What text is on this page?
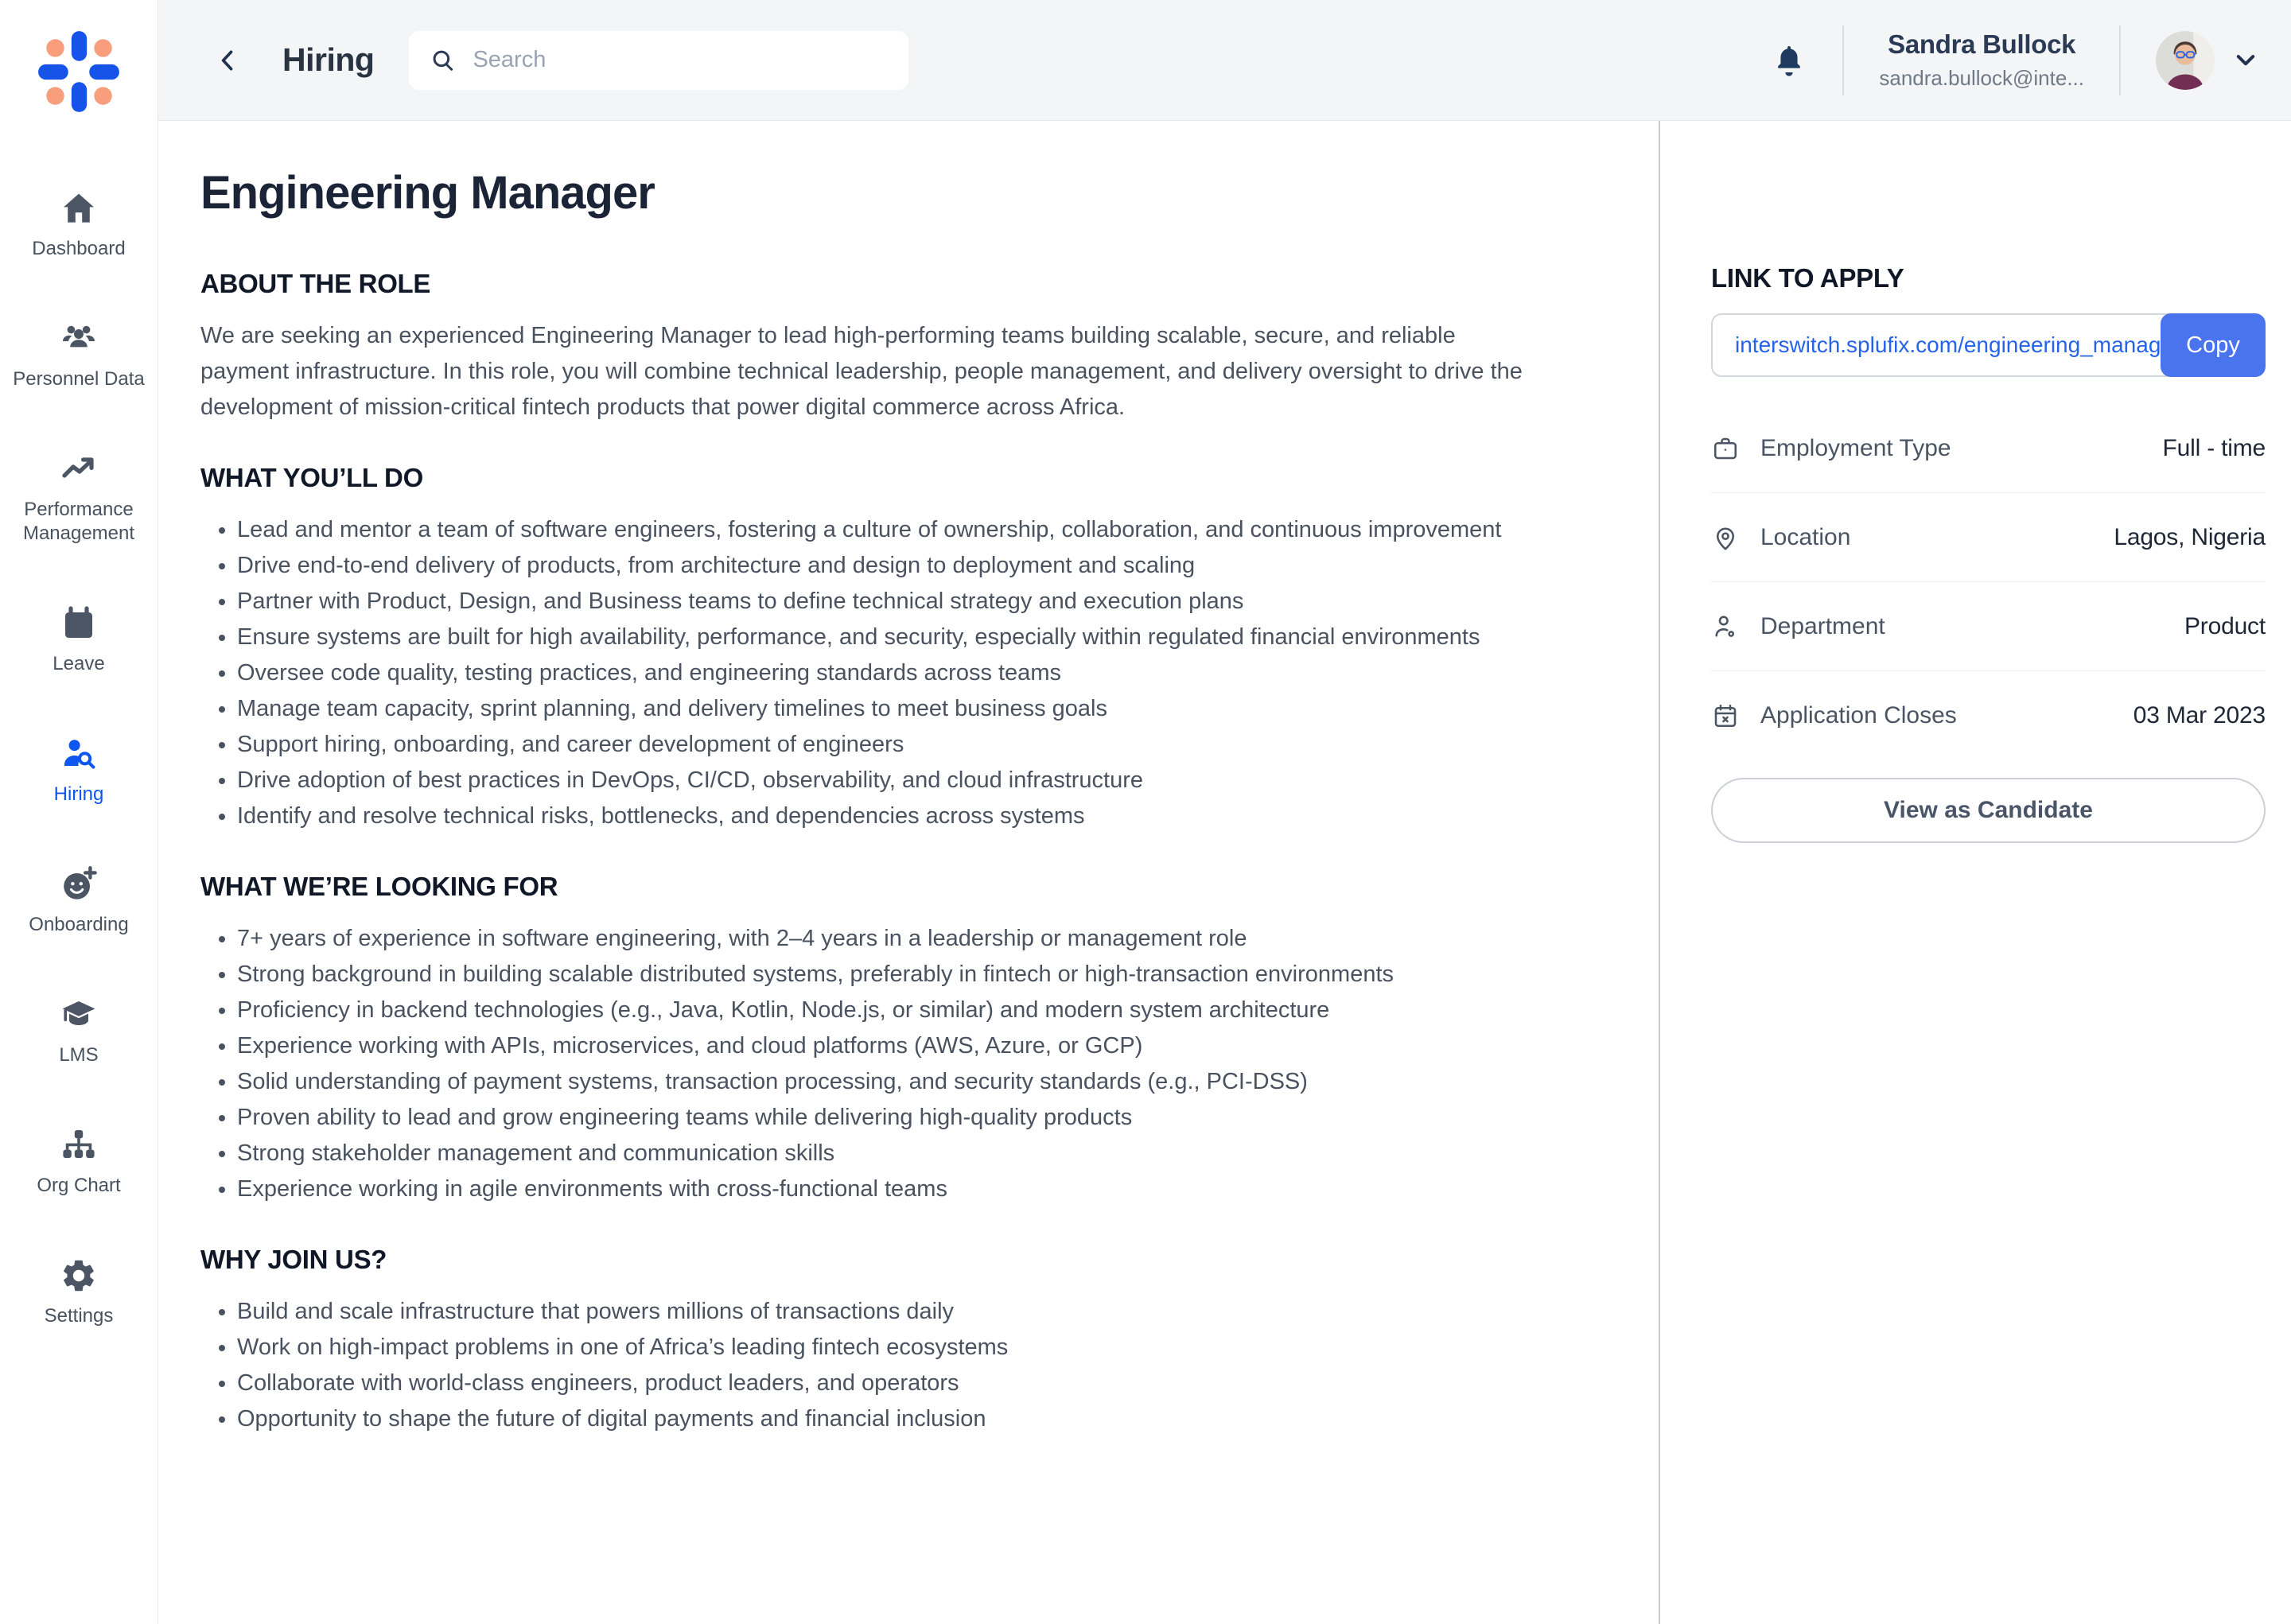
Dashboard
Personnel Data
Performance Management
Leave
Hiring
Onboarding
LMS
Org Chart
Settings
Hiring
Search	Sandra Bullock
sandra.bullock@inte...
Engineering Manager
ABOUT THE ROLE

We are seeking an experienced Engineering Manager to lead high-performing teams building scalable, secure, and reliable payment infrastructure. In this role, you will combine technical leadership, people management, and delivery oversight to drive the development of mission-critical fintech products that power digital commerce across Africa.

WHAT YOU’LL DO
• Lead and mentor a team of software engineers, fostering a culture of ownership, collaboration, and continuous improvement
• Drive end-to-end delivery of products, from architecture and design to deployment and scaling
• Partner with Product, Design, and Business teams to define technical strategy and execution plans
• Ensure systems are built for high availability, performance, and security, especially within regulated financial environments
• Oversee code quality, testing practices, and engineering standards across teams
• Manage team capacity, sprint planning, and delivery timelines to meet business goals
• Support hiring, onboarding, and career development of engineers
• Drive adoption of best practices in DevOps, CI/CD, observability, and cloud infrastructure
• Identify and resolve technical risks, bottlenecks, and dependencies across systems
WHAT WE’RE LOOKING FOR
• 7+ years of experience in software engineering, with 2–4 years in a leadership or management role
• Strong background in building scalable distributed systems, preferably in fintech or high-transaction environments
• Proficiency in backend technologies (e.g., Java, Kotlin, Node.js, or similar) and modern system architecture
• Experience working with APIs, microservices, and cloud platforms (AWS, Azure, or GCP)
• Solid understanding of payment systems, transaction processing, and security standards (e.g., PCI-DSS)
• Proven ability to lead and grow engineering teams while delivering high-quality products
• Strong stakeholder management and communication skills
• Experience working in agile environments with cross-functional teams
WHY JOIN US?
• Build and scale infrastructure that powers millions of transactions daily
• Work on high-impact problems in one of Africa’s leading fintech ecosystems
• Collaborate with world-class engineers, product leaders, and operators
• Opportunity to shape the future of digital payments and financial inclusion
LINK TO APPLY
interswitch.splufix.com/engineering_manager
Copy
Employment Type	Full - time
Location	Lagos, Nigeria
Department	Product
Application Closes	03 Mar 2023
View as Candidate
